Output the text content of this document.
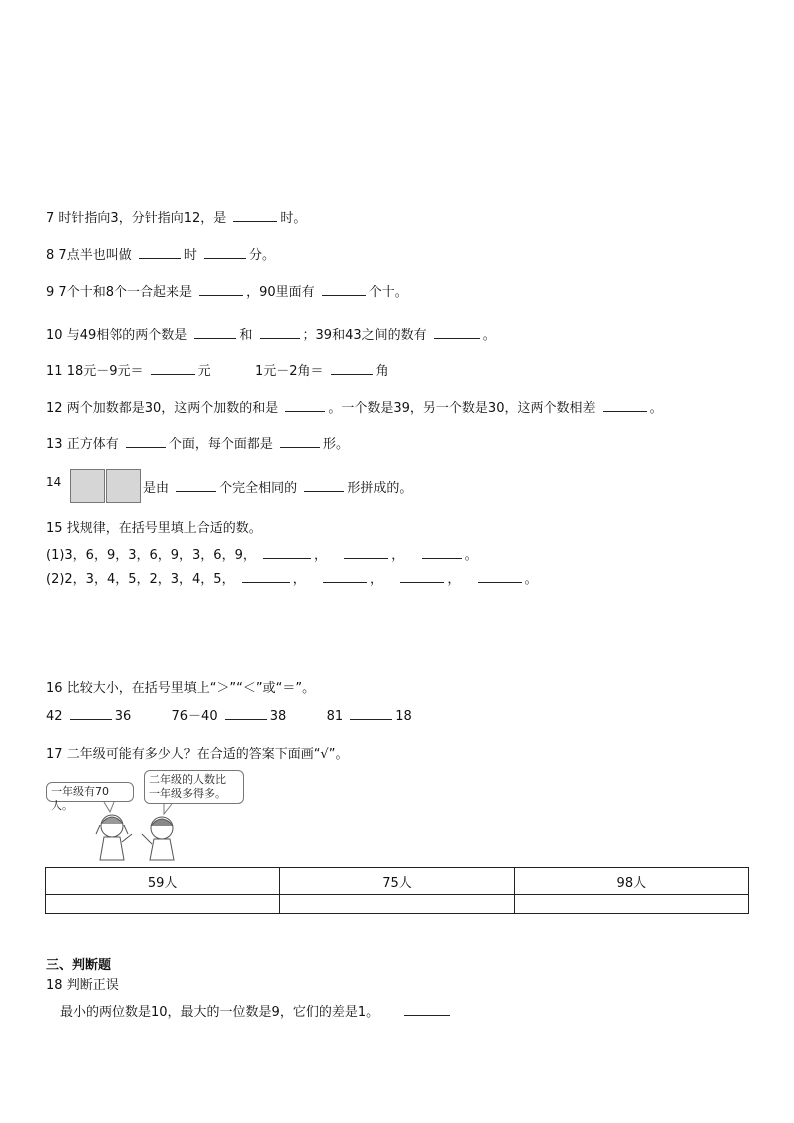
7 时针指向3，分针指向12，是	时。
8 7点半也叫做	时	分。
9 7个十和8个一合起来是	，90里面有	个十。
10 与49相邻的两个数是	和	；39和43之间的数有	。
11 18元－9元＝	元	1元－2角＝	角
12 两个加数都是30，这两个加数的和是	。一个数是39，另一个数是30，这两个数相差	。
13 正方体有	个面，每个面都是	形。
14	是由	个完全相同的	形拼成的。
15 找规律，在括号里填上合适的数。
(1)3，6，9，3，6，9，3，6，9，	，	，	。
(2)2，3，4，5，2，3，4，5，	，	，	，	。
16 比较大小，在括号里填上“＞”“＜”或“＝”。
42	36	76－40	38	81	18
17 二年级可能有多少人？在合适的答案下面画“√”。
一年级有70人。
二年级的人数比
一年级多得多。
59人	75人	98人

三、判断题
18 判断正误
最小的两位数是10，最大的一位数是9，它们的差是1。
